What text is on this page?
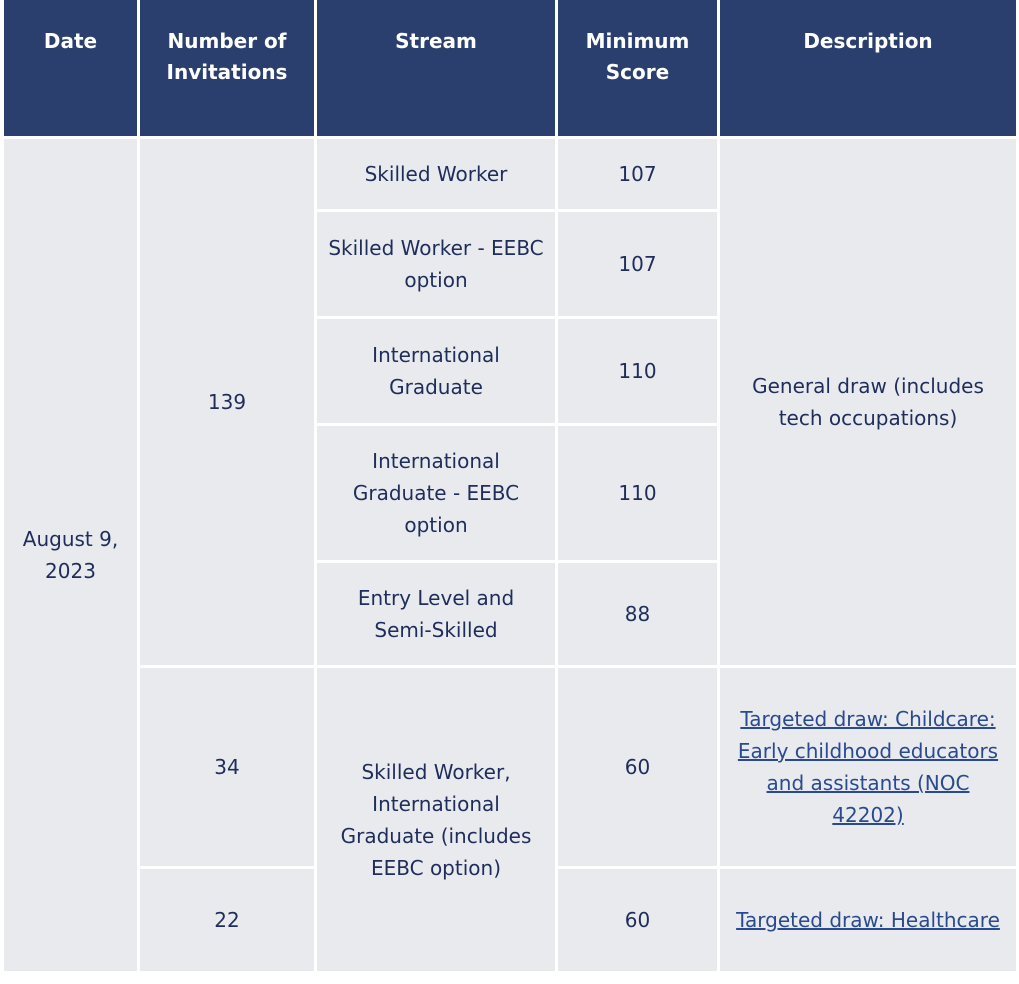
Date	Number of Invitations	Stream	Minimum Score	Description
August 9, 2023	139	Skilled Worker	107	General draw (includes tech occupations)
		Skilled Worker - EEBC option	107	
		International Graduate	110	
		International Graduate - EEBC option	110	
		Entry Level and Semi-Skilled	88	
	34	Skilled Worker, International Graduate (includes EEBC option)	60	Targeted draw: Childcare: Early childhood educators and assistants (NOC 42202)
	22		60	Targeted draw: Healthcare
